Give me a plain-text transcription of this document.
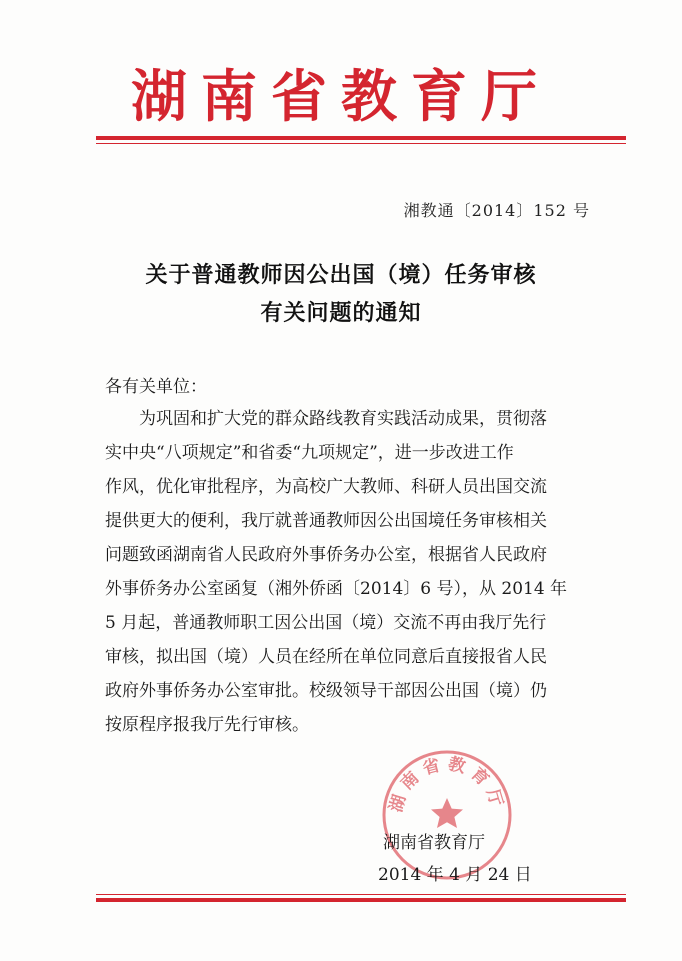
湖南省教育厅
湘教通〔2014〕152 号
关于普通教师因公出国（境）任务审核
有关问题的通知
各有关单位：
为巩固和扩大党的群众路线教育实践活动成果，贯彻落
实中央“八项规定”和省委“九项规定”，进一步改进工作
作风，优化审批程序，为高校广大教师、科研人员出国交流
提供更大的便利，我厅就普通教师因公出国境任务审核相关
问题致函湖南省人民政府外事侨务办公室，根据省人民政府
外事侨务办公室函复（湘外侨函〔2014〕6 号），从 2014 年
5 月起，普通教师职工因公出国（境）交流不再由我厅先行
审核，拟出国（境）人员在经所在单位同意后直接报省人民
政府外事侨务办公室审批。校级领导干部因公出国（境）仍
按原程序报我厅先行审核。
湖南省教育厅
湖南省教育厅
2014 年 4 月 24 日
